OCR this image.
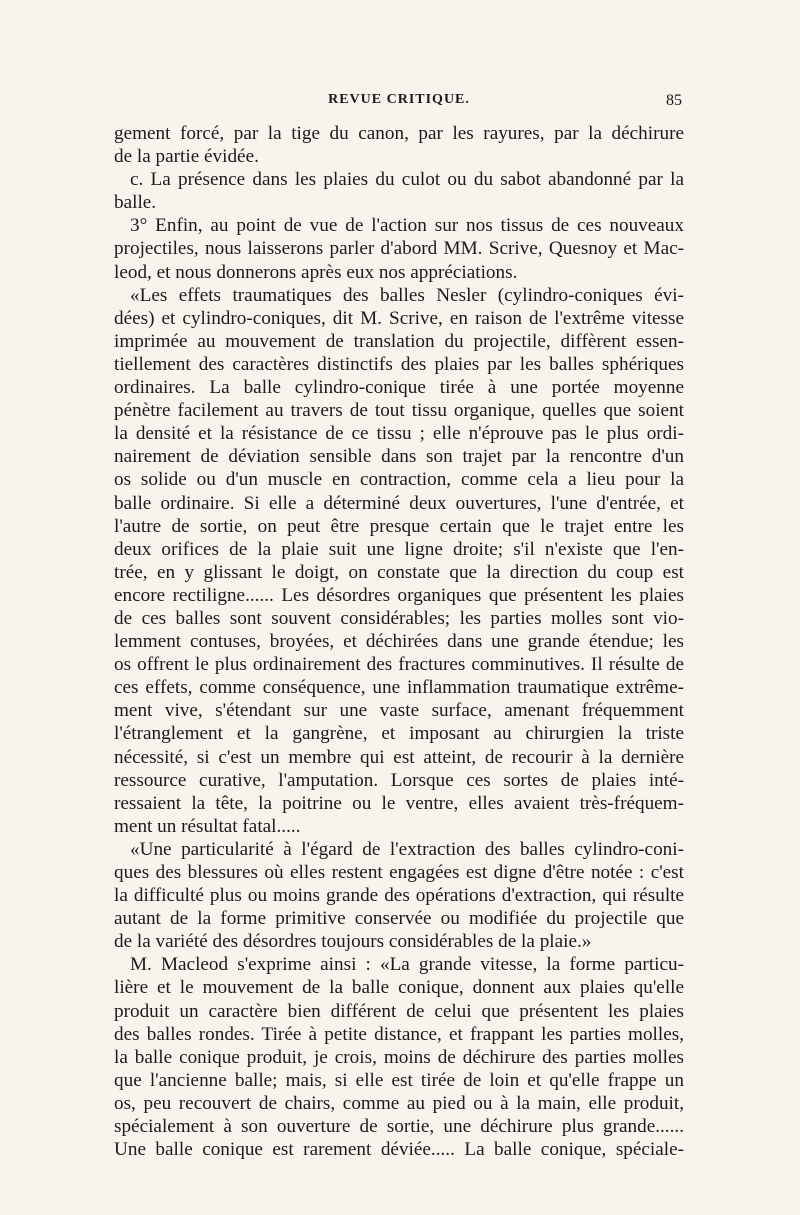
REVUE CRITIQUE.	85

gement forcé, par la tige du canon, par les rayures, par la déchirure

de la partie évidée.

c. La présence dans les plaies du culot ou du sabot abandonné par la

balle.

3° Enfin, au point de vue de l'action sur nos tissus de ces nouveaux

projectiles, nous laisserons parler d'abord MM. Scrive, Quesnoy et Mac-

leod, et nous donnerons après eux nos appréciations.

«Les effets traumatiques des balles Nesler (cylindro-coniques évi-

dées) et cylindro-coniques, dit M. Scrive, en raison de l'extrême vitesse

imprimée au mouvement de translation du projectile, diffèrent essen-

tiellement des caractères distinctifs des plaies par les balles sphériques

ordinaires. La balle cylindro-conique tirée à une portée moyenne

pénètre facilement au travers de tout tissu organique, quelles que soient

la densité et la résistance de ce tissu ; elle n'éprouve pas le plus ordi-

nairement de déviation sensible dans son trajet par la rencontre d'un

os solide ou d'un muscle en contraction, comme cela a lieu pour la

balle ordinaire. Si elle a déterminé deux ouvertures, l'une d'entrée, et

l'autre de sortie, on peut être presque certain que le trajet entre les

deux orifices de la plaie suit une ligne droite; s'il n'existe que l'en-

trée, en y glissant le doigt, on constate que la direction du coup est

encore rectiligne...... Les désordres organiques que présentent les plaies

de ces balles sont souvent considérables; les parties molles sont vio-

lemment contuses, broyées, et déchirées dans une grande étendue; les

os offrent le plus ordinairement des fractures comminutives. Il résulte de

ces effets, comme conséquence, une inflammation traumatique extrême-

ment vive, s'étendant sur une vaste surface, amenant fréquemment

l'étranglement et la gangrène, et imposant au chirurgien la triste

nécessité, si c'est un membre qui est atteint, de recourir à la dernière

ressource curative, l'amputation. Lorsque ces sortes de plaies inté-

ressaient la tête, la poitrine ou le ventre, elles avaient très-fréquem-

ment un résultat fatal.....

«Une particularité à l'égard de l'extraction des balles cylindro-coni-

ques des blessures où elles restent engagées est digne d'être notée : c'est

la difficulté plus ou moins grande des opérations d'extraction, qui résulte

autant de la forme primitive conservée ou modifiée du projectile que

de la variété des désordres toujours considérables de la plaie.»

M. Macleod s'exprime ainsi : «La grande vitesse, la forme particu-

lière et le mouvement de la balle conique, donnent aux plaies qu'elle

produit un caractère bien différent de celui que présentent les plaies

des balles rondes. Tirée à petite distance, et frappant les parties molles,

la balle conique produit, je crois, moins de déchirure des parties molles

que l'ancienne balle; mais, si elle est tirée de loin et qu'elle frappe un

os, peu recouvert de chairs, comme au pied ou à la main, elle produit,

spécialement à son ouverture de sortie, une déchirure plus grande......

Une balle conique est rarement déviée..... La balle conique, spéciale-
